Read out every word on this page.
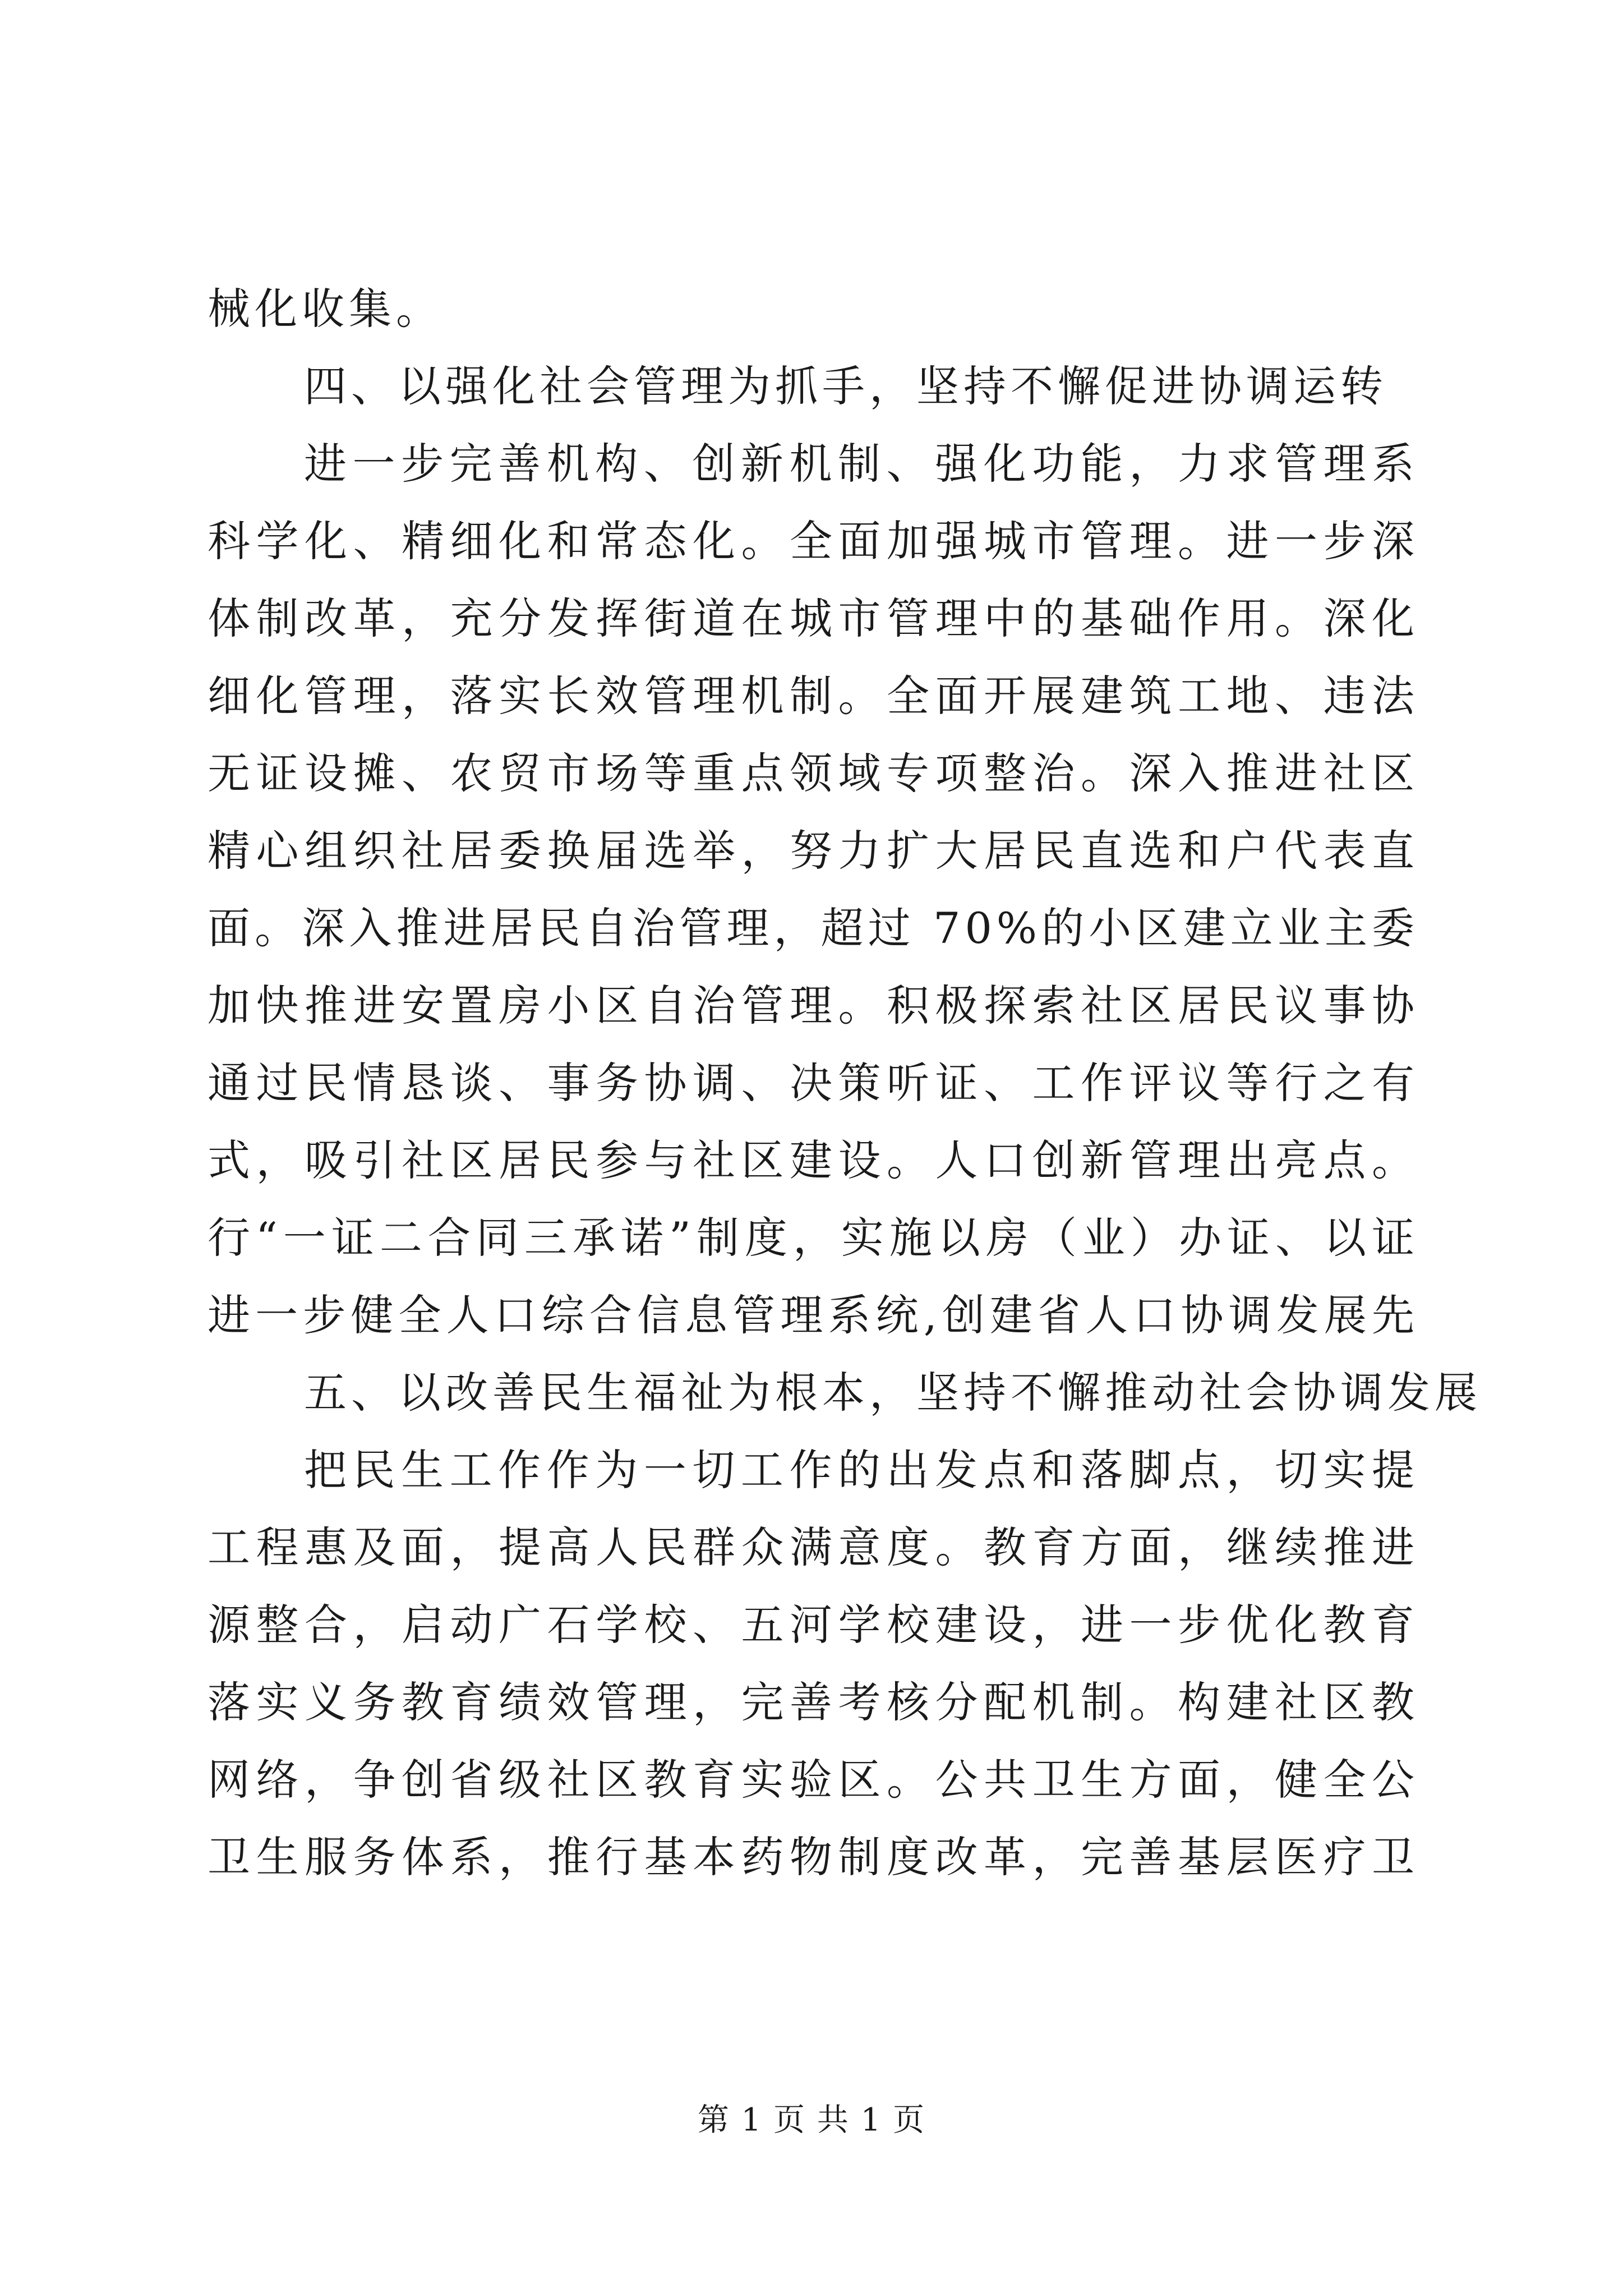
械化收集。
四、以强化社会管理为抓手，坚持不懈促进协调运转
进一步完善机构、创新机制、强化功能，力求管理系
科学化、精细化和常态化。全面加强城市管理。进一步深
体制改革，充分发挥街道在城市管理中的基础作用。深化
细化管理，落实长效管理机制。全面开展建筑工地、违法
无证设摊、农贸市场等重点领域专项整治。深入推进社区
精心组织社居委换届选举，努力扩大居民直选和户代表直
面。深入推进居民自治管理，超过 70%的小区建立业主委
加快推进安置房小区自治管理。积极探索社区居民议事协
通过民情恳谈、事务协调、决策听证、工作评议等行之有
式，吸引社区居民参与社区建设。人口创新管理出亮点。
行“一证二合同三承诺”制度，实施以房（业）办证、以证
进一步健全人口综合信息管理系统,创建省人口协调发展先
五、以改善民生福祉为根本，坚持不懈推动社会协调发展
把民生工作作为一切工作的出发点和落脚点，切实提
工程惠及面，提高人民群众满意度。教育方面，继续推进
源整合，启动广石学校、五河学校建设，进一步优化教育
落实义务教育绩效管理，完善考核分配机制。构建社区教
网络，争创省级社区教育实验区。公共卫生方面，健全公
卫生服务体系，推行基本药物制度改革，完善基层医疗卫
第 1 页 共 1 页
